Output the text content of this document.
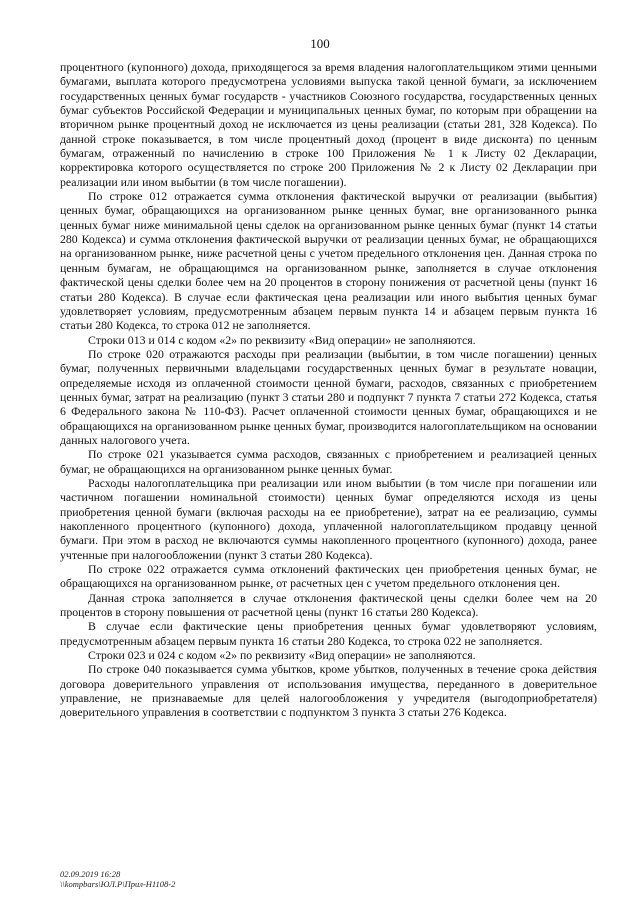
100

процентного (купонного) дохода, приходящегося за время владения налогоплательщиком этими ценными бумагами, выплата которого предусмотрена условиями выпуска такой ценной бумаги, за исключением государственных ценных бумаг государств - участников Союзного государства, государственных ценных бумаг субъектов Российской Федерации и муниципальных ценных бумаг, по которым при обращении на вторичном рынке процентный доход не исключается из цены реализации (статьи 281, 328 Кодекса). По данной строке показывается, в том числе процентный доход (процент в виде дисконта) по ценным бумагам, отраженный по начислению в строке 100 Приложения № 1 к Листу 02 Декларации, корректировка которого осуществляется по строке 200 Приложения № 2 к Листу 02 Декларации при реализации или ином выбытии (в том числе погашении).

По строке 012 отражается сумма отклонения фактической выручки от реализации (выбытия) ценных бумаг, обращающихся на организованном рынке ценных бумаг, вне организованного рынка ценных бумаг ниже минимальной цены сделок на организованном рынке ценных бумаг (пункт 14 статьи 280 Кодекса) и сумма отклонения фактической выручки от реализации ценных бумаг, не обращающихся на организованном рынке, ниже расчетной цены с учетом предельного отклонения цен. Данная строка по ценным бумагам, не обращающимся на организованном рынке, заполняется в случае отклонения фактической цены сделки более чем на 20 процентов в сторону понижения от расчетной цены (пункт 16 статьи 280 Кодекса). В случае если фактическая цена реализации или иного выбытия ценных бумаг удовлетворяет условиям, предусмотренным абзацем первым пункта 14 и абзацем первым пункта 16 статьи 280 Кодекса, то строка 012 не заполняется.

Строки 013 и 014 с кодом «2» по реквизиту «Вид операции» не заполняются.

По строке 020 отражаются расходы при реализации (выбытии, в том числе погашении) ценных бумаг, полученных первичными владельцами государственных ценных бумаг в результате новации, определяемые исходя из оплаченной стоимости ценной бумаги, расходов, связанных с приобретением ценных бумаг, затрат на реализацию (пункт 3 статьи 280 и подпункт 7 пункта 7 статьи 272 Кодекса, статья 6 Федерального закона № 110-ФЗ). Расчет оплаченной стоимости ценных бумаг, обращающихся и не обращающихся на организованном рынке ценных бумаг, производится налогоплательщиком на основании данных налогового учета.

По строке 021 указывается сумма расходов, связанных с приобретением и реализацией ценных бумаг, не обращающихся на организованном рынке ценных бумаг.

Расходы налогоплательщика при реализации или ином выбытии (в том числе при погашении или частичном погашении номинальной стоимости) ценных бумаг определяются исходя из цены приобретения ценной бумаги (включая расходы на ее приобретение), затрат на ее реализацию, суммы накопленного процентного (купонного) дохода, уплаченной налогоплательщиком продавцу ценной бумаги. При этом в расход не включаются суммы накопленного процентного (купонного) дохода, ранее учтенные при налогообложении (пункт 3 статьи 280 Кодекса).

По строке 022 отражается сумма отклонений фактических цен приобретения ценных бумаг, не обращающихся на организованном рынке, от расчетных цен с учетом предельного отклонения цен.

Данная строка заполняется в случае отклонения фактической цены сделки более чем на 20 процентов в сторону повышения от расчетной цены (пункт 16 статьи 280 Кодекса).

В случае если фактические цены приобретения ценных бумаг удовлетворяют условиям, предусмотренным абзацем первым пункта 16 статьи 280 Кодекса, то строка 022 не заполняется.

Строки 023 и 024 с кодом «2» по реквизиту «Вид операции» не заполняются.

По строке 040 показывается сумма убытков, кроме убытков, полученных в течение срока действия договора доверительного управления от использования имущества, переданного в доверительное управление, не признаваемые для целей налогообложения у учредителя (выгодоприобретателя) доверительного управления в соответствии с подпунктом 3 пункта 3 статьи 276 Кодекса.

02.09.2019 16:28
\\kompbars\ЮЛ.Р\Прил-Н1108-2
